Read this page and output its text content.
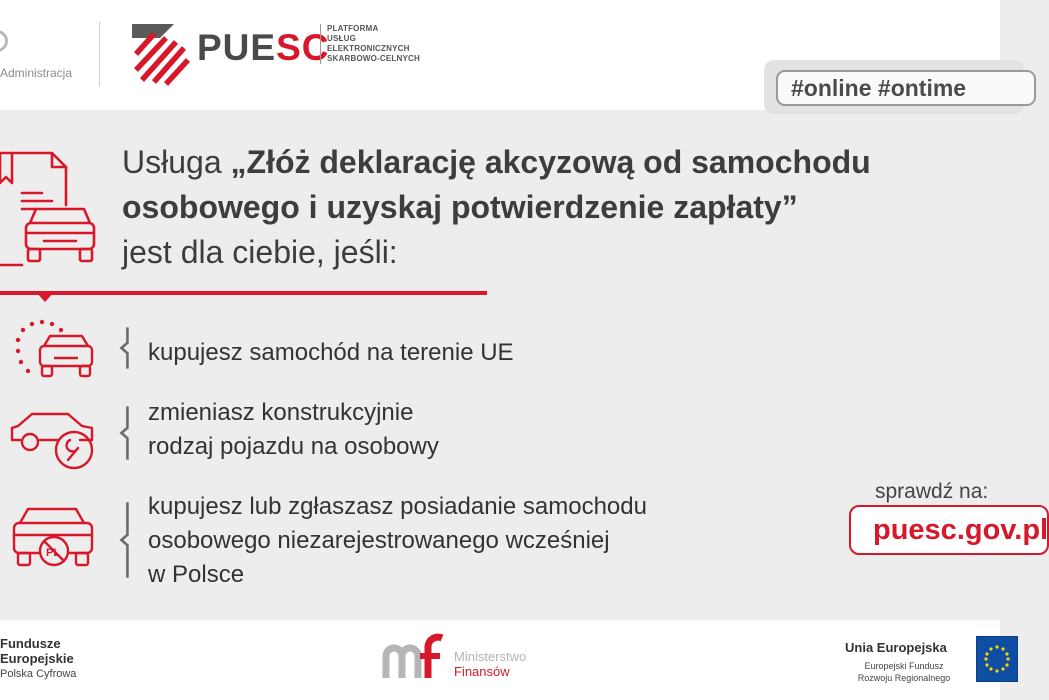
Administracja
PUESC
PLATFORMA
USŁUG
ELEKTRONICZNYCH
SKARBOWO-CELNYCH
#online #ontime
Usługa „Złóż deklarację akcyzową od samochodu
osobowego i uzyskaj potwierdzenie zapłaty”
jest dla ciebie, jeśli:
kupujesz samochód na terenie UE
zmieniasz konstrukcyjnie
rodzaj pojazdu na osobowy
PL
kupujesz lub zgłaszasz posiadanie samochodu
osobowego niezarejestrowanego wcześniej
w Polsce
sprawdź na:
puesc.gov.pl
Fundusze
Europejskie
Polska Cyfrowa
Ministerstwo
Finansów
Unia Europejska
Europejski Fundusz
Rozwoju Regionalnego
